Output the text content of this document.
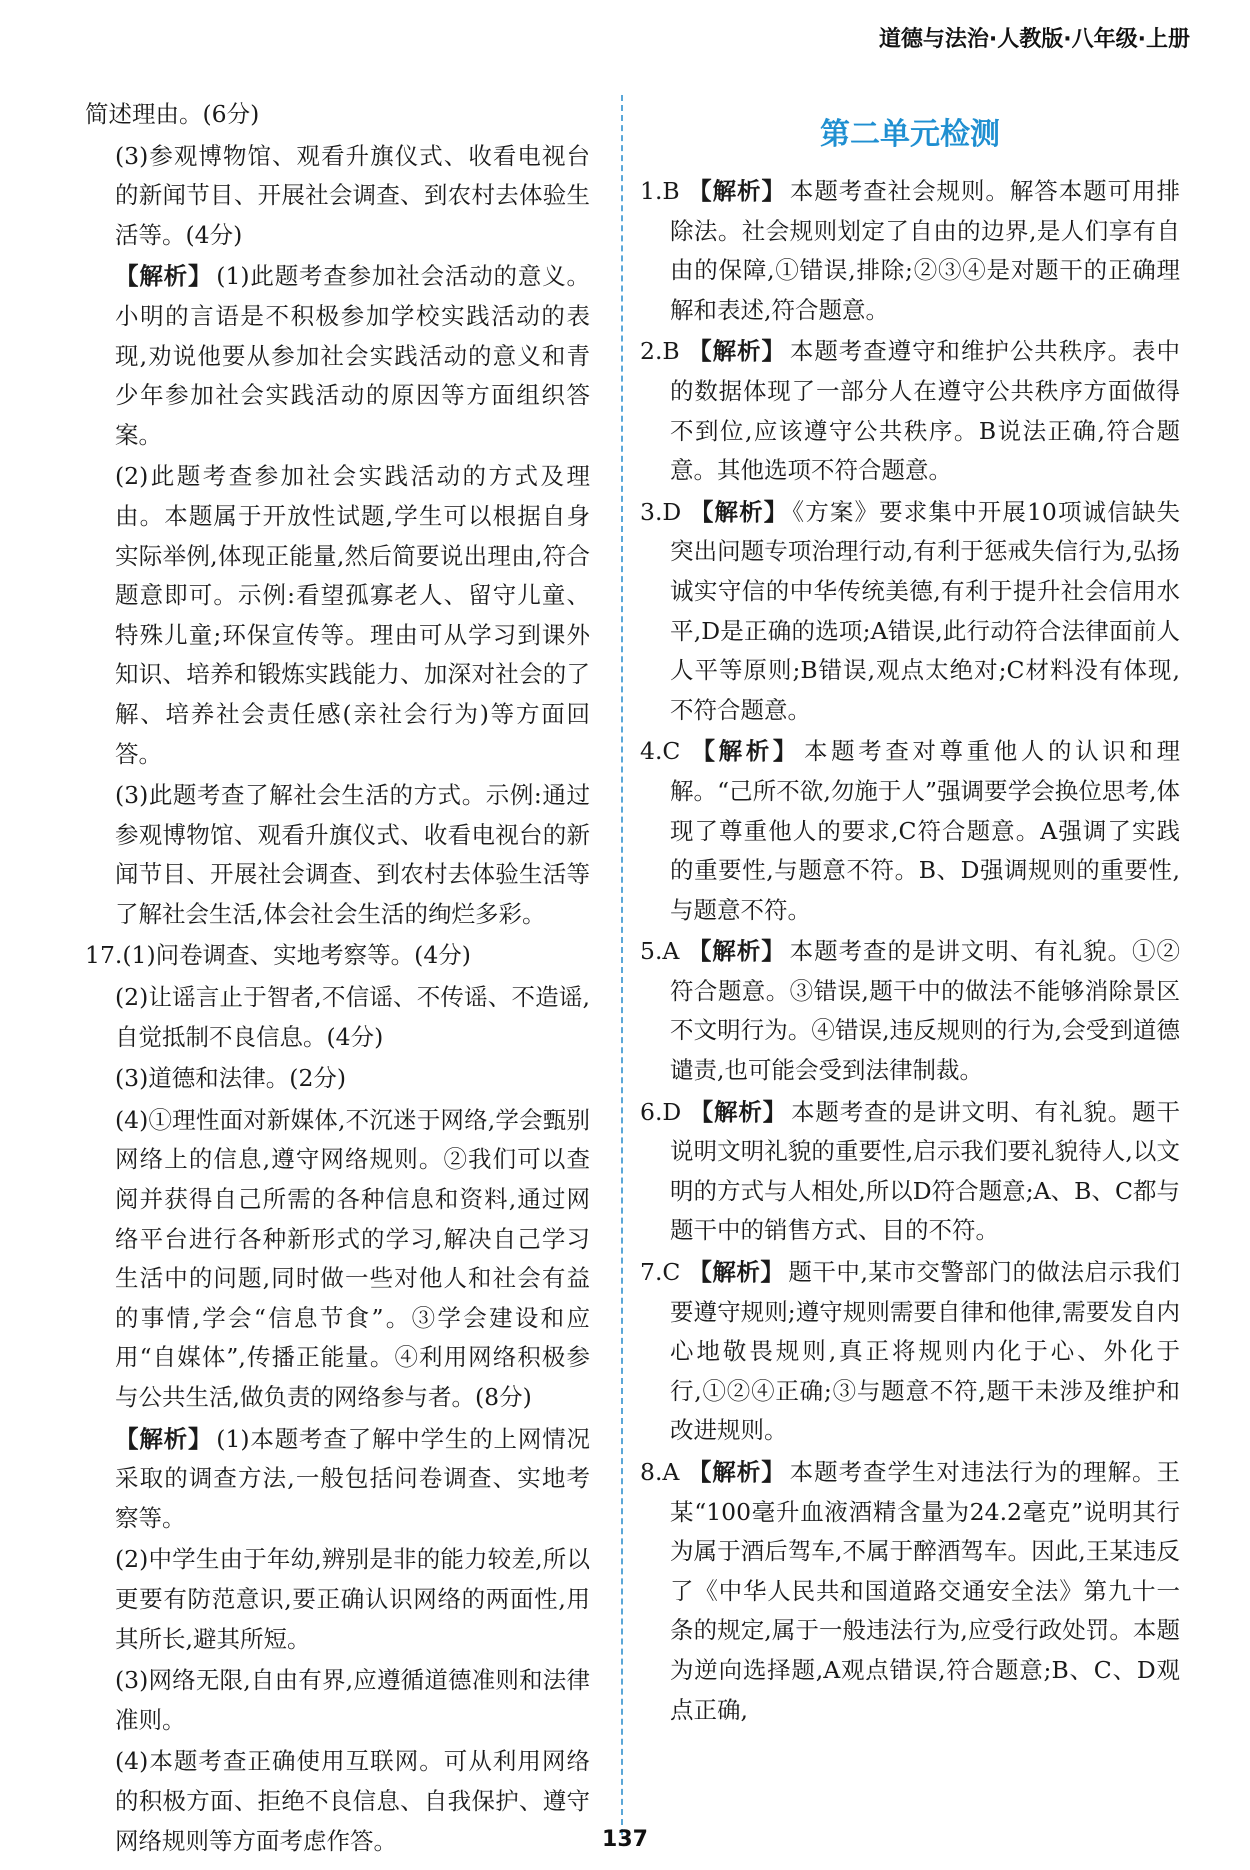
道德与法治·人教版·八年级·上册

简述理由。(6分)

(3)参观博物馆、观看升旗仪式、收看电视台的新闻节目、开展社会调查、到农村去体验生活等。(4分)

【解析】 (1)此题考查参加社会活动的意义。小明的言语是不积极参加学校实践活动的表现,劝说他要从参加社会实践活动的意义和青少年参加社会实践活动的原因等方面组织答案。

(2)此题考查参加社会实践活动的方式及理由。本题属于开放性试题,学生可以根据自身实际举例,体现正能量,然后简要说出理由,符合题意即可。示例:看望孤寡老人、留守儿童、特殊儿童;环保宣传等。理由可从学习到课外知识、培养和锻炼实践能力、加深对社会的了解、培养社会责任感(亲社会行为)等方面回答。

(3)此题考查了解社会生活的方式。示例:通过参观博物馆、观看升旗仪式、收看电视台的新闻节目、开展社会调查、到农村去体验生活等了解社会生活,体会社会生活的绚烂多彩。

17.(1)问卷调查、实地考察等。(4分)

(2)让谣言止于智者,不信谣、不传谣、不造谣,自觉抵制不良信息。(4分)

(3)道德和法律。(2分)

(4)①理性面对新媒体,不沉迷于网络,学会甄别网络上的信息,遵守网络规则。②我们可以查阅并获得自己所需的各种信息和资料,通过网络平台进行各种新形式的学习,解决自己学习生活中的问题,同时做一些对他人和社会有益的事情,学会“信息节食”。③学会建设和应用“自媒体”,传播正能量。④利用网络积极参与公共生活,做负责的网络参与者。(8分)

【解析】 (1)本题考查了解中学生的上网情况采取的调查方法,一般包括问卷调查、实地考察等。

(2)中学生由于年幼,辨别是非的能力较差,所以更要有防范意识,要正确认识网络的两面性,用其所长,避其所短。

(3)网络无限,自由有界,应遵循道德准则和法律准则。

(4)本题考查正确使用互联网。可从利用网络的积极方面、拒绝不良信息、自我保护、遵守网络规则等方面考虑作答。

第二单元检测

1.B 【解析】 本题考查社会规则。解答本题可用排除法。社会规则划定了自由的边界,是人们享有自由的保障,①错误,排除;②③④是对题干的正确理解和表述,符合题意。

2.B 【解析】 本题考查遵守和维护公共秩序。表中的数据体现了一部分人在遵守公共秩序方面做得不到位,应该遵守公共秩序。B说法正确,符合题意。其他选项不符合题意。

3.D 【解析】 《方案》要求集中开展10项诚信缺失突出问题专项治理行动,有利于惩戒失信行为,弘扬诚实守信的中华传统美德,有利于提升社会信用水平,D是正确的选项;A错误,此行动符合法律面前人人平等原则;B错误,观点太绝对;C材料没有体现,不符合题意。

4.C 【解析】 本题考查对尊重他人的认识和理解。“己所不欲,勿施于人”强调要学会换位思考,体现了尊重他人的要求,C符合题意。A强调了实践的重要性,与题意不符。B、D强调规则的重要性,与题意不符。

5.A 【解析】 本题考查的是讲文明、有礼貌。①②符合题意。③错误,题干中的做法不能够消除景区不文明行为。④错误,违反规则的行为,会受到道德谴责,也可能会受到法律制裁。

6.D 【解析】 本题考查的是讲文明、有礼貌。题干说明文明礼貌的重要性,启示我们要礼貌待人,以文明的方式与人相处,所以D符合题意;A、B、C都与题干中的销售方式、目的不符。

7.C 【解析】 题干中,某市交警部门的做法启示我们要遵守规则;遵守规则需要自律和他律,需要发自内心地敬畏规则,真正将规则内化于心、外化于行,①②④正确;③与题意不符,题干未涉及维护和改进规则。

8.A 【解析】 本题考查学生对违法行为的理解。王某“100毫升血液酒精含量为24.2毫克”说明其行为属于酒后驾车,不属于醉酒驾车。因此,王某违反了《中华人民共和国道路交通安全法》第九十一条的规定,属于一般违法行为,应受行政处罚。本题为逆向选择题,A观点错误,符合题意;B、C、D观点正确,

137
